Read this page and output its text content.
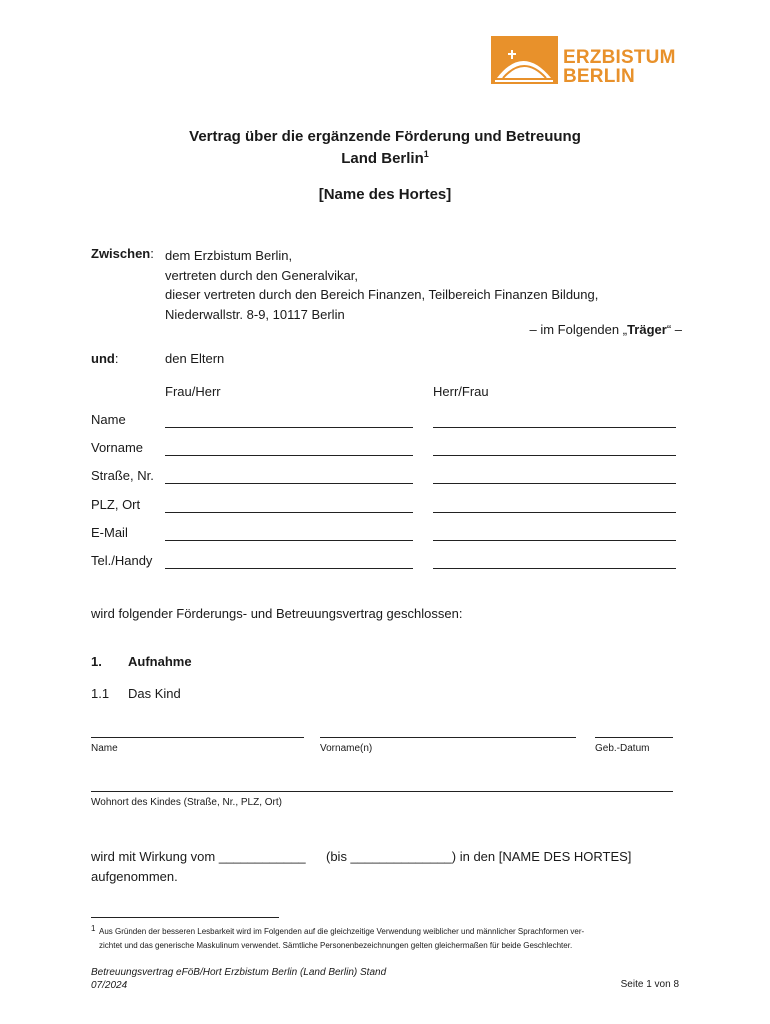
ERZBISTUM
BERLIN
Vertrag über die ergänzende Förderung und Betreuung
Land Berlin$^1$
[Name des Hortes]
Zwischen: dem Erzbistum Berlin,
vertreten durch den Generalvikar,
dieser vertreten durch den Bereich Finanzen, Teilbereich Finanzen Bildung,
Niederwallstr. 8-9, 10117 Berlin
– im Folgenden „Träger“ –
und:	den Eltern
Frau/Herr	Herr/Frau
Name
Vorname
Straße, Nr.
PLZ, Ort
E-Mail
Tel./Handy
wird folgender Förderungs- und Betreuungsvertrag geschlossen:
1. Aufnahme
1.1 Das Kind
Name	Vorname(n)	Geb.-Datum
Wohnort des Kindes (Straße, Nr., PLZ, Ort)
wird mit Wirkung vom ____________ (bis ______________) in den [NAME DES HORTES]
aufgenommen.
1 Aus Gründen der besseren Lesbarkeit wird im Folgenden auf die gleichzeitige Verwendung weiblicher und männlicher Sprachformen ver-
zichtet und das generische Maskulinum verwendet. Sämtliche Personenbezeichnungen gelten gleichermaßen für beide Geschlechter.
Betreuungsvertrag eFöB/Hort Erzbistum Berlin (Land Berlin) Stand
07/2024	Seite 1 von 8
